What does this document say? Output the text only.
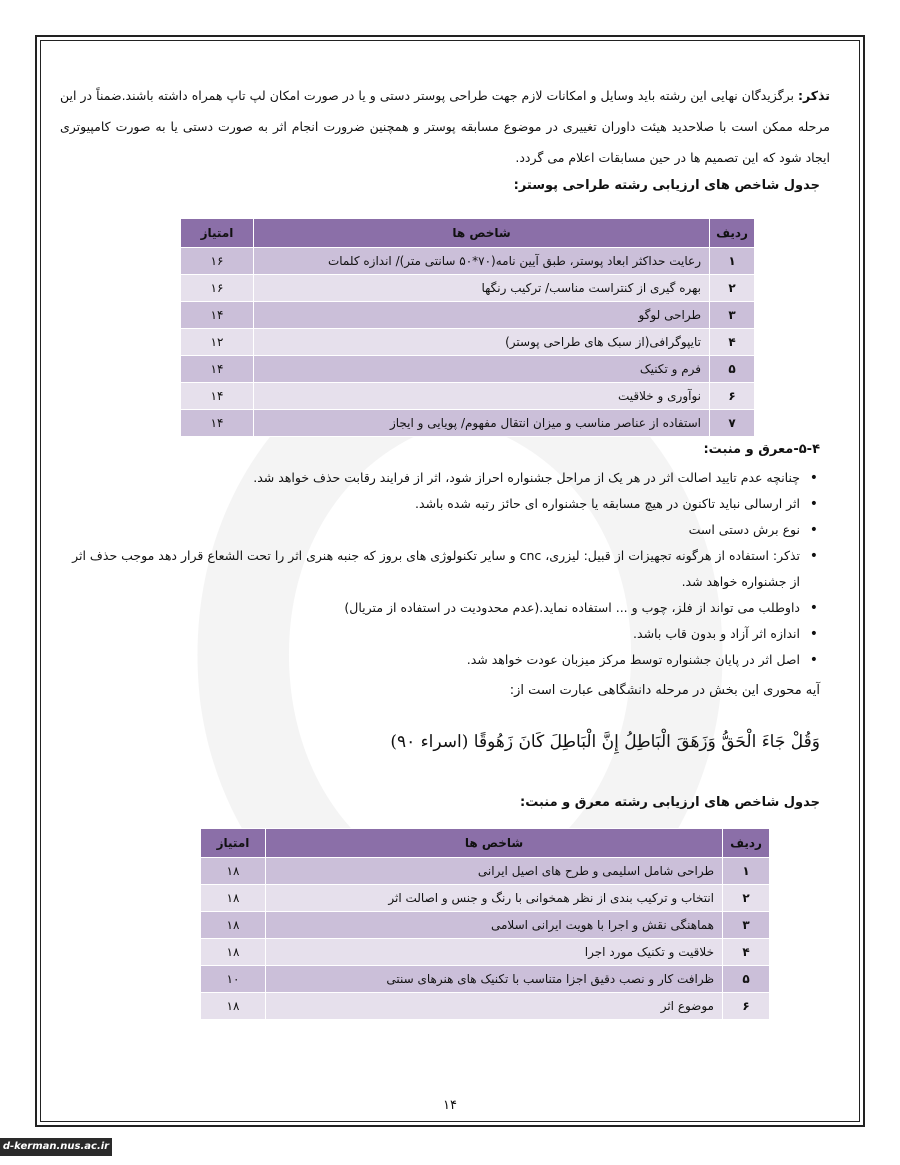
تذکر: برگزیدگان نهایی این رشته باید وسایل و امکانات لازم جهت طراحی پوستر دستی و یا در صورت امکان لپ تاپ همراه داشته باشند.ضمناً در این مرحله ممکن است با صلاحدید هیئت داوران تغییری در موضوع مسابقه پوستر و همچنین ضرورت انجام اثر به صورت دستی یا به صورت کامپیوتری ایجاد شود که این تصمیم ها در حین مسابقات اعلام می گردد.
جدول شاخص های ارزیابی رشته طراحی پوستر:
ردیف	شاخص ها	امتیاز
۱	رعایت حداکثر ابعاد پوستر، طبق آیین نامه(۷۰*۵۰ سانتی متر)/ اندازه کلمات	۱۶
۲	بهره گیری از کنتراست مناسب/ ترکیب رنگها	۱۶
۳	طراحی لوگو	۱۴
۴	تایپوگرافی(از سبک های طراحی پوستر)	۱۲
۵	فرم و تکنیک	۱۴
۶	نوآوری و خلاقیت	۱۴
۷	استفاده از عناصر مناسب و میزان انتقال مفهوم/ پویایی و ایجاز	۱۴
۵-۴-معرق و منبت:
• چنانچه عدم تایید اصالت اثر در هر یک از مراحل جشنواره احراز شود، اثر از فرایند رقابت حذف خواهد شد.
• اثر ارسالی نباید تاکنون در هیچ مسابقه یا جشنواره ای حائز رتبه شده باشد.
• نوع برش دستی است
• تذکر: استفاده از هرگونه تجهیزات از قبیل: لیزری، cnc و سایر تکنولوژی های بروز که جنبه هنری اثر را تحت الشعاع قرار دهد موجب حذف اثر از جشنواره خواهد شد.
• داوطلب می تواند از فلز، چوب و ... استفاده نماید.(عدم محدودیت در استفاده از متریال)
• اندازه اثر آزاد و بدون قاب باشد.
• اصل اثر در پایان جشنواره توسط مرکز میزبان عودت خواهد شد.
آیه محوری این بخش در مرحله دانشگاهی عبارت است از:
وَقُلْ جَاءَ الْحَقُّ وَزَهَقَ الْبَاطِلُ إِنَّ الْبَاطِلَ كَانَ زَهُوقًا (اسراء ۹۰)
جدول شاخص های ارزیابی رشته معرق و منبت:
ردیف	شاخص ها	امتیاز
۱	طراحی شامل اسلیمی و طرح های اصیل ایرانی	۱۸
۲	انتخاب و ترکیب بندی از نظر همخوانی با رنگ و جنس و اصالت اثر	۱۸
۳	هماهنگی نقش و اجرا با هویت ایرانی اسلامی	۱۸
۴	خلاقیت و تکنیک مورد اجرا	۱۸
۵	ظرافت کار و نصب دقیق اجزا متناسب با تکنیک های هنرهای سنتی	۱۰
۶	موضوع اثر	۱۸
۱۴
d-kerman.nus.ac.ir
